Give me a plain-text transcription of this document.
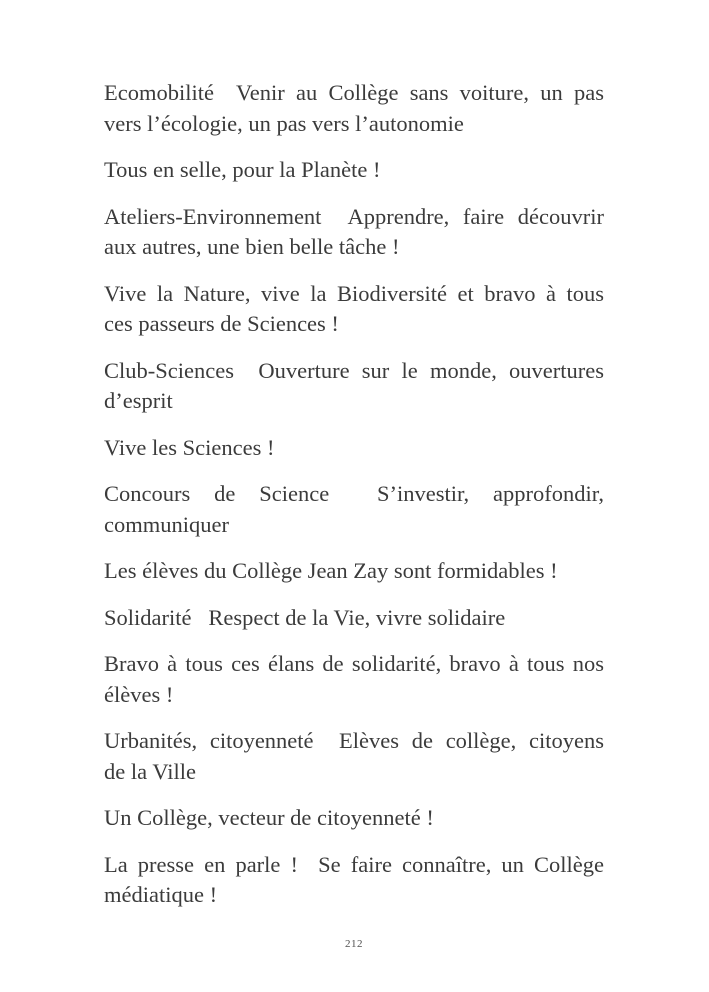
Ecomobilité  Venir au Collège sans voiture, un pas
vers l’écologie, un pas vers l’autonomie

Tous en selle, pour la Planète !

Ateliers-Environnement  Apprendre, faire découvrir
aux autres, une bien belle tâche !

Vive la Nature, vive la Biodiversité et bravo à tous
ces passeurs de Sciences !

Club-Sciences  Ouverture sur le monde, ouvertures
d’esprit

Vive les Sciences !

Concours de Science  S’investir, approfondir,
communiquer

Les élèves du Collège Jean Zay sont formidables !

Solidarité   Respect de la Vie, vivre solidaire

Bravo à tous ces élans de solidarité, bravo à tous nos
élèves !

Urbanités, citoyenneté  Elèves de collège, citoyens
de la Ville

Un Collège, vecteur de citoyenneté !

La presse en parle !  Se faire connaître, un Collège
médiatique !

212
